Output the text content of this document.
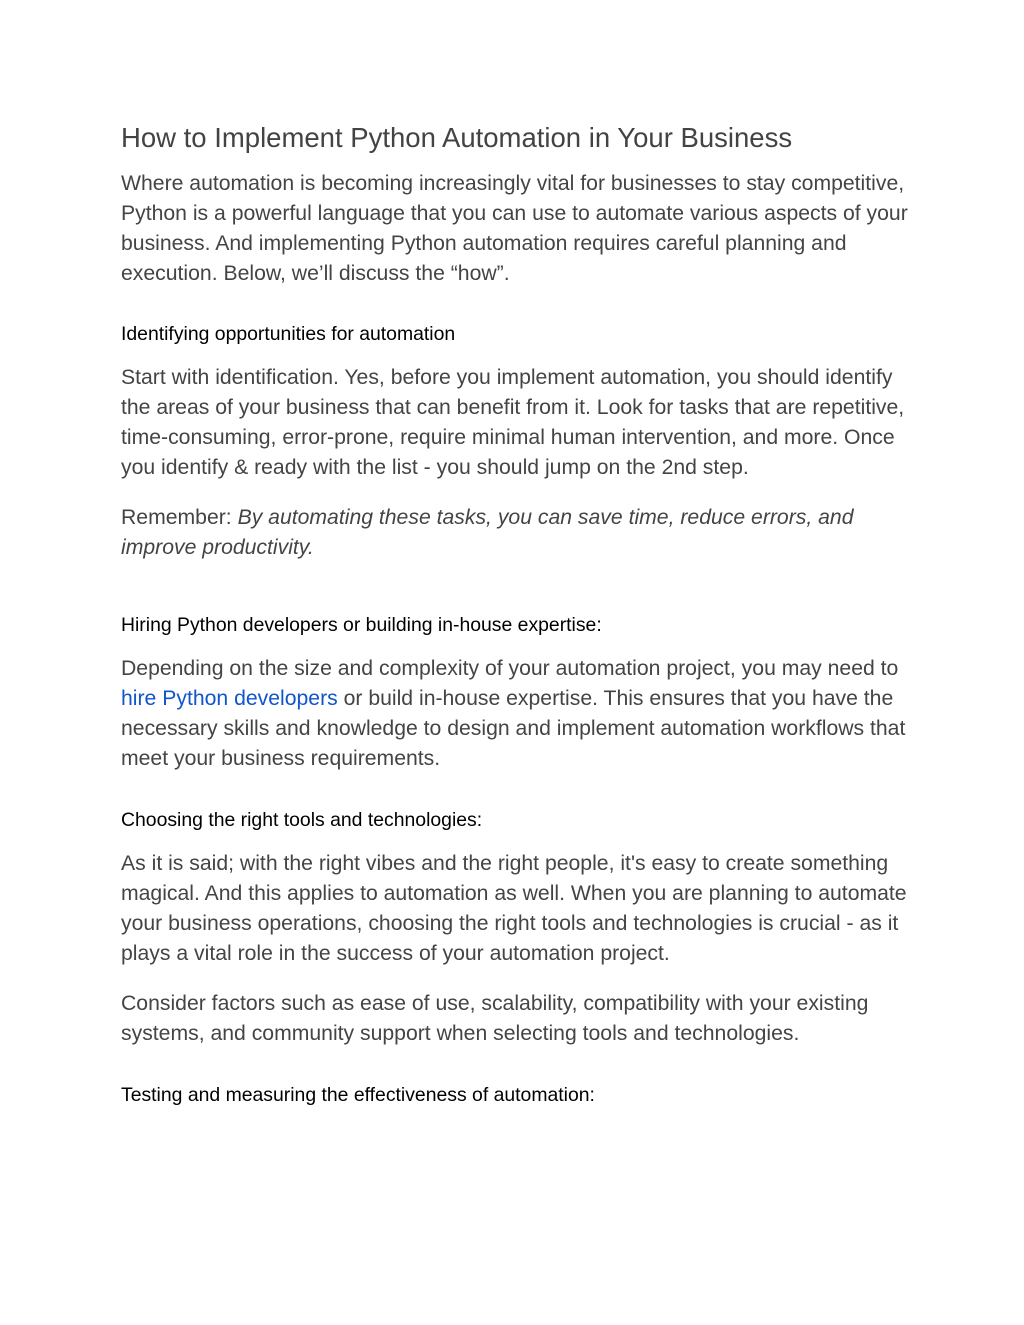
How to Implement Python Automation in Your Business

Where automation is becoming increasingly vital for businesses to stay competitive, Python is a powerful language that you can use to automate various aspects of your business. And implementing Python automation requires careful planning and execution. Below, we’ll discuss the “how”.

Identifying opportunities for automation

Start with identification. Yes, before you implement automation, you should identify the areas of your business that can benefit from it. Look for tasks that are repetitive, time-consuming, error-prone, require minimal human intervention, and more. Once you identify & ready with the list - you should jump on the 2nd step.

Remember: By automating these tasks, you can save time, reduce errors, and improve productivity.

Hiring Python developers or building in-house expertise:

Depending on the size and complexity of your automation project, you may need to hire Python developers or build in-house expertise. This ensures that you have the necessary skills and knowledge to design and implement automation workflows that meet your business requirements.

Choosing the right tools and technologies:

As it is said; with the right vibes and the right people, it's easy to create something magical. And this applies to automation as well. When you are planning to automate your business operations, choosing the right tools and technologies is crucial - as it plays a vital role in the success of your automation project.

Consider factors such as ease of use, scalability, compatibility with your existing systems, and community support when selecting tools and technologies.

Testing and measuring the effectiveness of automation:
